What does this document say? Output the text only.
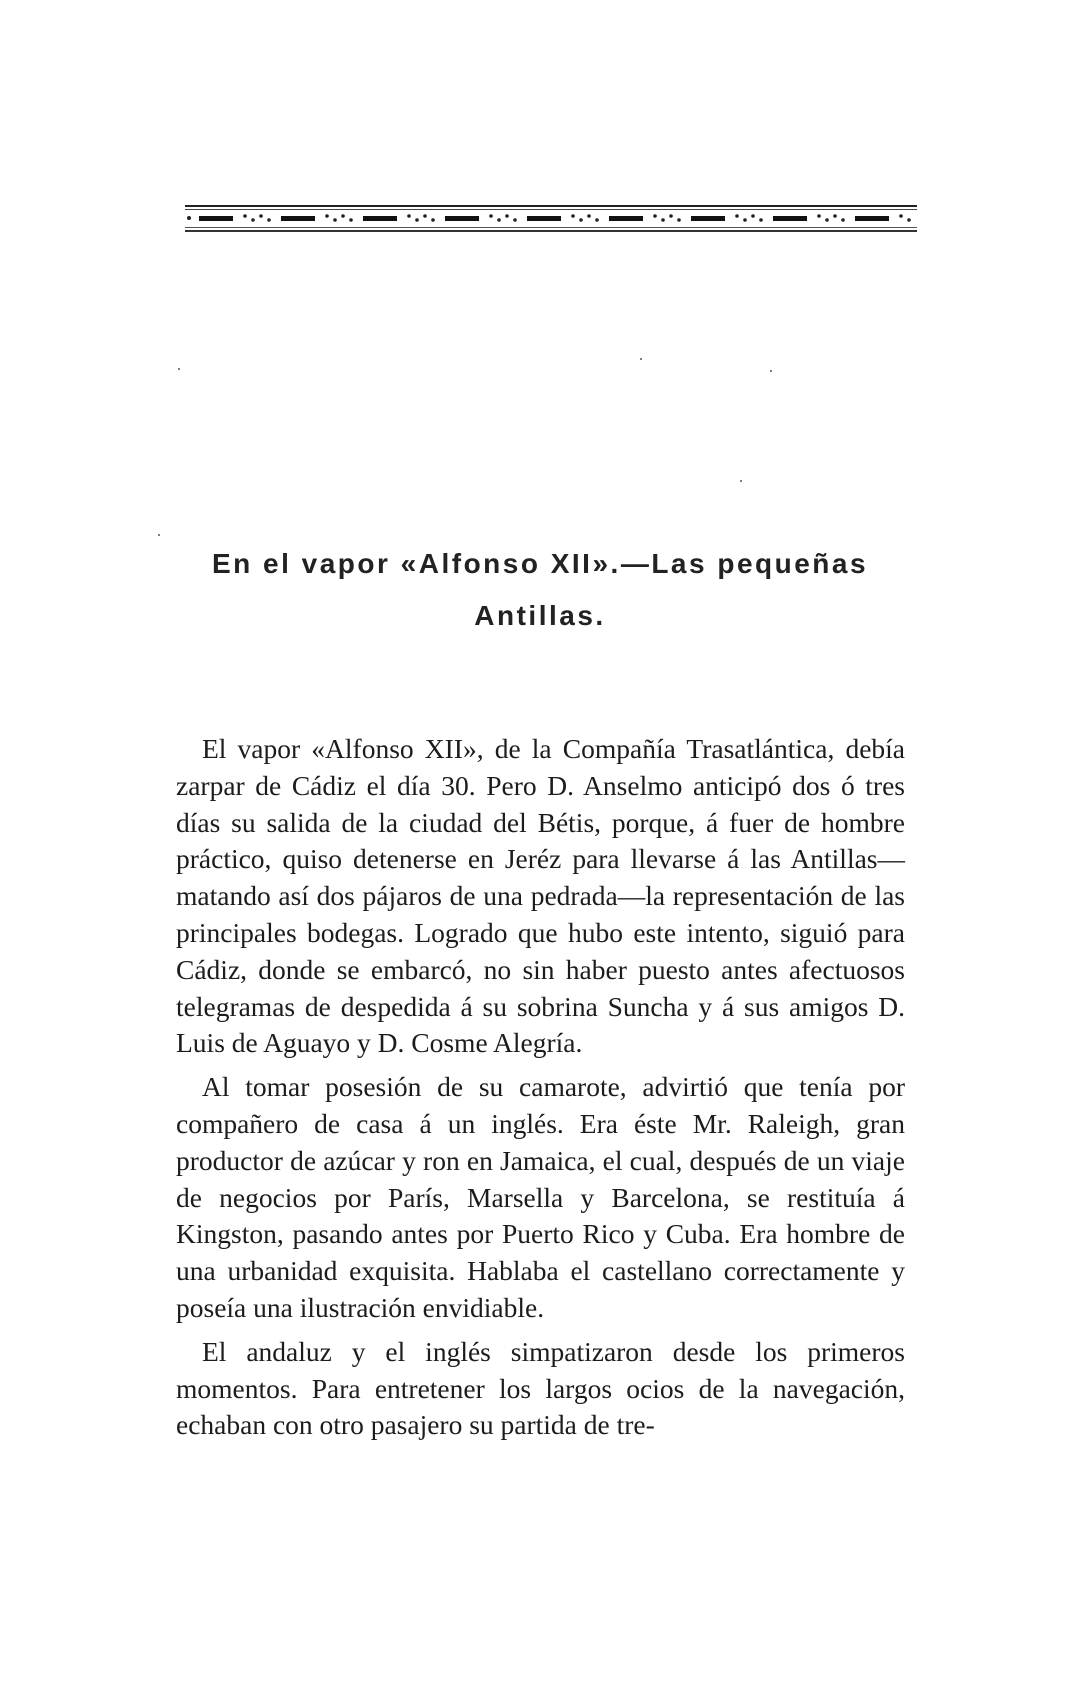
En el vapor «Alfonso XII».—Las pequeñas
Antillas.

El vapor «Alfonso XII», de la Compañía Trasatlántica, debía zarpar de Cádiz el día 30. Pero D. Anselmo anticipó dos ó tres días su salida de la ciudad del Bétis, porque, á fuer de hombre práctico, quiso detenerse en Jeréz para llevarse á las Antillas—matando así dos pájaros de una pedrada—la representación de las principales bodegas. Logrado que hubo este intento, siguió para Cádiz, donde se embarcó, no sin haber puesto antes afectuosos telegramas de despedida á su sobrina Suncha y á sus amigos D. Luis de Aguayo y D. Cosme Alegría.

Al tomar posesión de su camarote, advirtió que tenía por compañero de casa á un inglés. Era éste Mr. Raleigh, gran productor de azúcar y ron en Jamaica, el cual, después de un viaje de negocios por París, Marsella y Barcelona, se restituía á Kingston, pasando antes por Puerto Rico y Cuba. Era hombre de una urbanidad exquisita. Hablaba el castellano correctamente y poseía una ilustración envidiable.

El andaluz y el inglés simpatizaron desde los primeros momentos. Para entretener los largos ocios de la navegación, echaban con otro pasajero su partida de tre-
